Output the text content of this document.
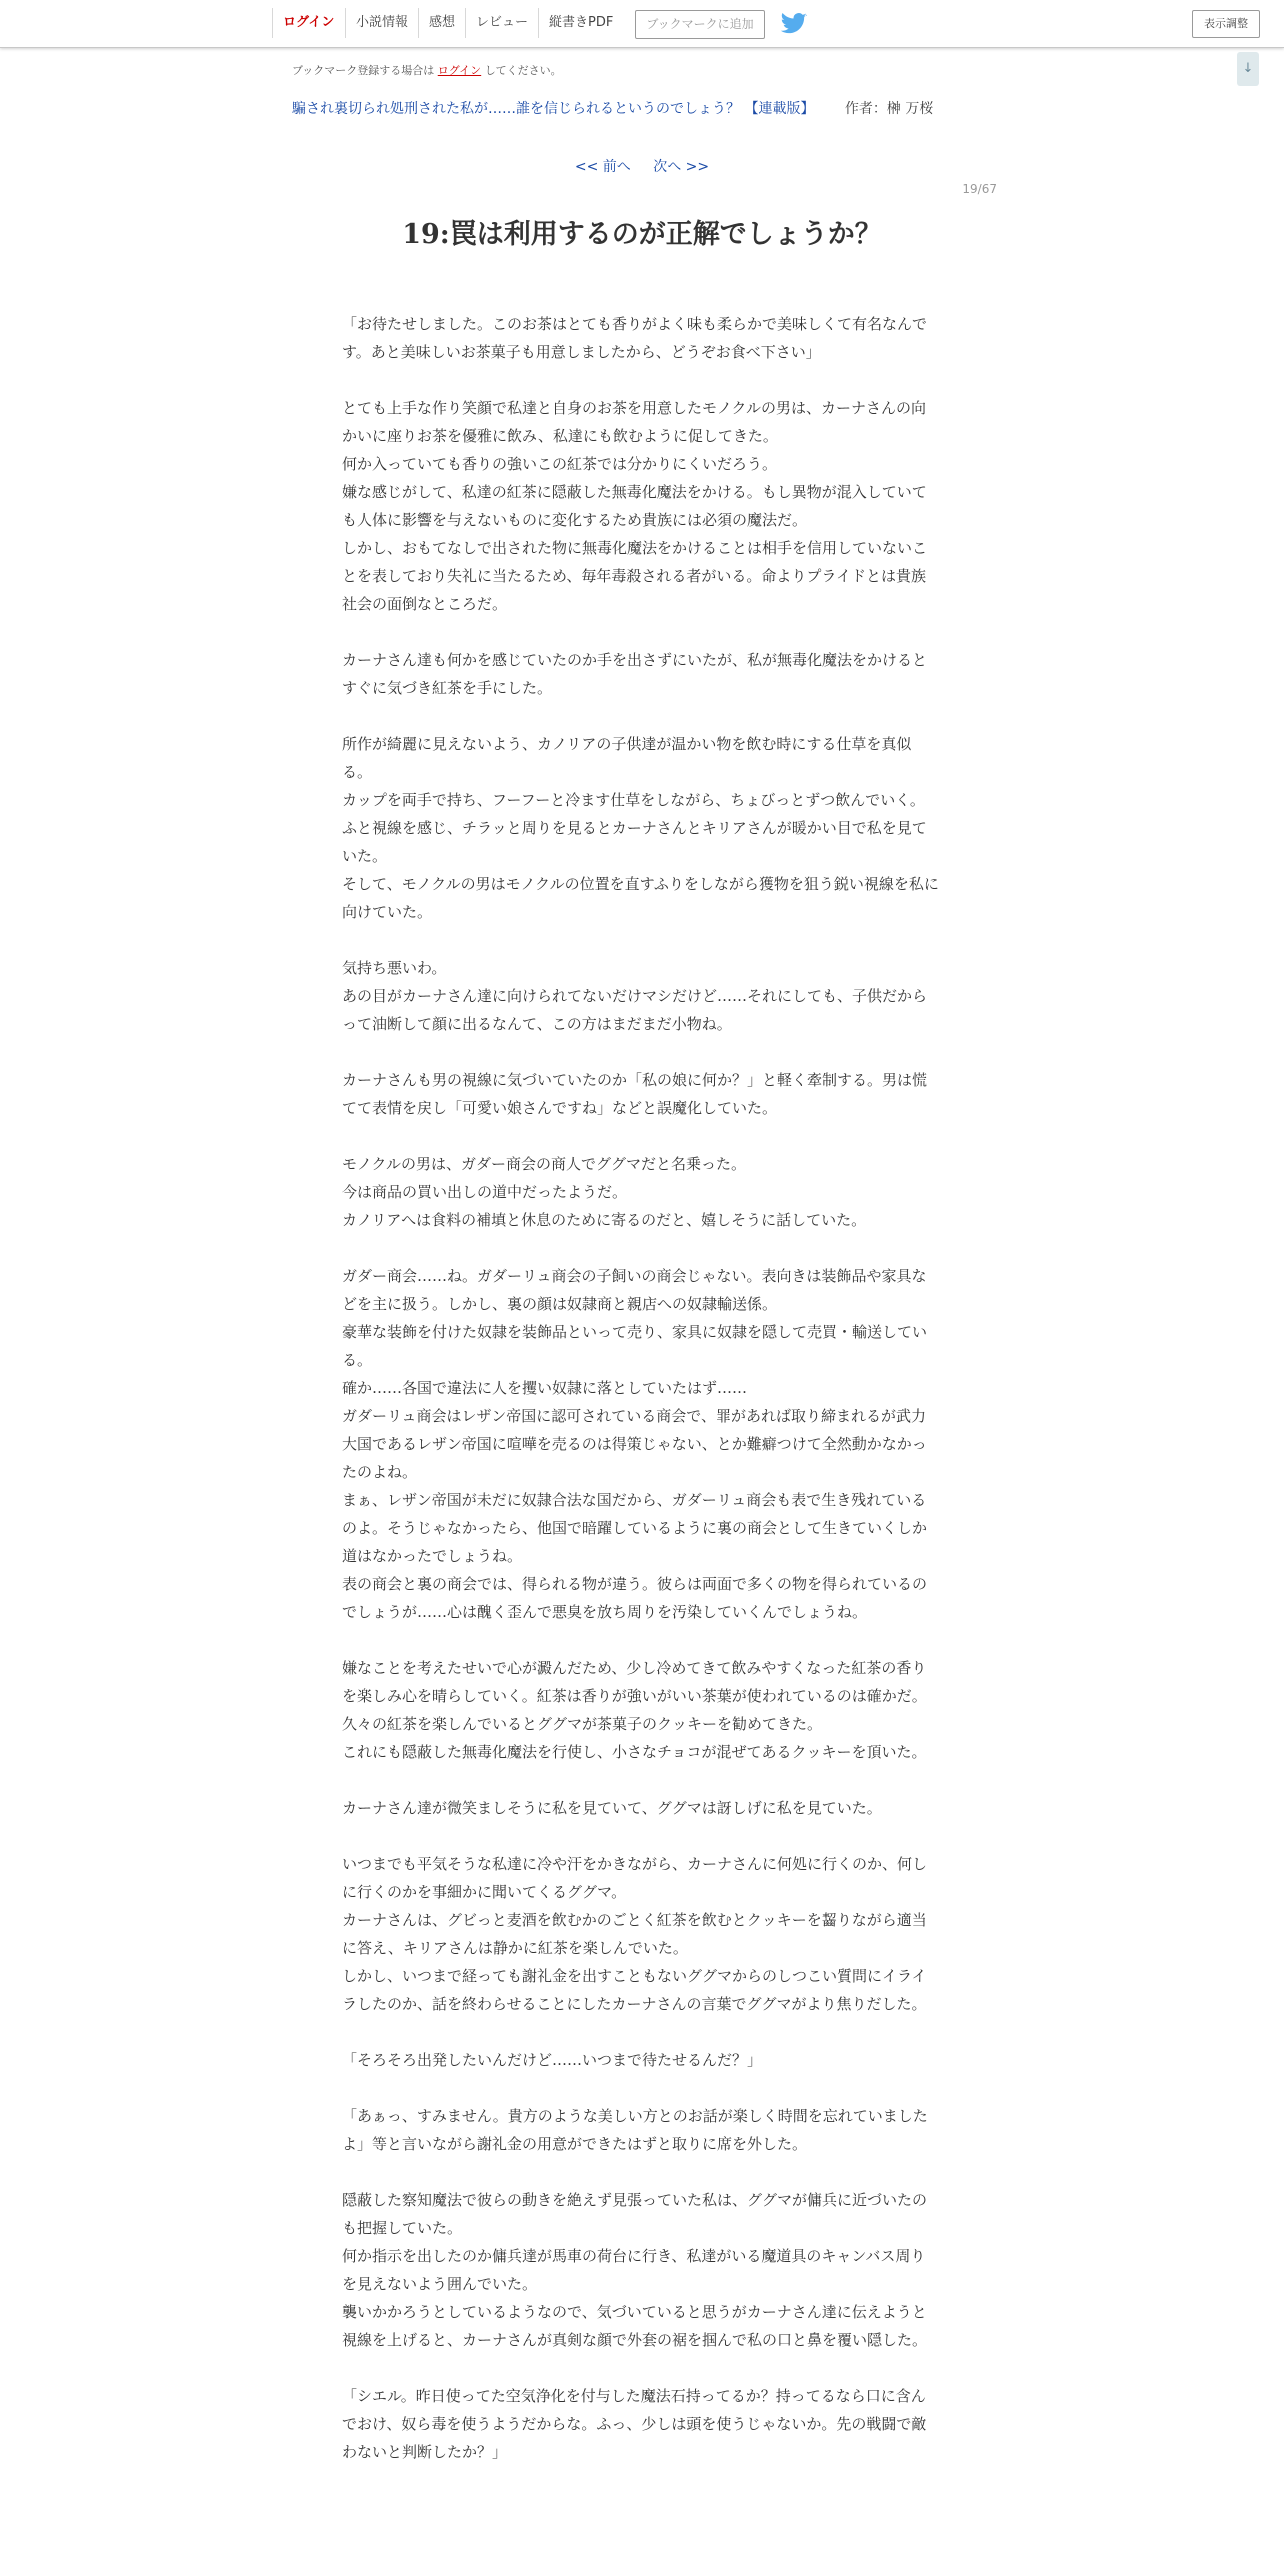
ログイン	小説情報	感想	レビュー	縦書きPDF	ブックマークに追加	表示調整
↓
ブックマーク登録する場合は ログイン してください。
騙され裏切られ処刑された私が……誰を信じられるというのでしょう？ 【連載版】 作者：榊 万桜
<< 前へ 次へ >>
19/67
19:罠は利用するのが正解でしょうか？
「お待たせしました。このお茶はとても香りがよく味も柔らかで美味しくて有名なんです。あと美味しいお茶菓子も用意しましたから、どうぞお食べ下さい」
とても上手な作り笑顔で私達と自身のお茶を用意したモノクルの男は、カーナさんの向かいに座りお茶を優雅に飲み、私達にも飲むように促してきた。
何か入っていても香りの強いこの紅茶では分かりにくいだろう。
嫌な感じがして、私達の紅茶に隠蔽した無毒化魔法をかける。もし異物が混入していても人体に影響を与えないものに変化するため貴族には必須の魔法だ。
しかし、おもてなしで出された物に無毒化魔法をかけることは相手を信用していないことを表しており失礼に当たるため、毎年毒殺される者がいる。命よりプライドとは貴族社会の面倒なところだ。
カーナさん達も何かを感じていたのか手を出さずにいたが、私が無毒化魔法をかけるとすぐに気づき紅茶を手にした。
所作が綺麗に見えないよう、カノリアの子供達が温かい物を飲む時にする仕草を真似る。
カップを両手で持ち、フーフーと冷ます仕草をしながら、ちょびっとずつ飲んでいく。
ふと視線を感じ、チラッと周りを見るとカーナさんとキリアさんが暖かい目で私を見ていた。
そして、モノクルの男はモノクルの位置を直すふりをしながら獲物を狙う鋭い視線を私に向けていた。
気持ち悪いわ。
あの目がカーナさん達に向けられてないだけマシだけど……それにしても、子供だからって油断して顔に出るなんて、この方はまだまだ小物ね。
カーナさんも男の視線に気づいていたのか「私の娘に何か？」と軽く牽制する。男は慌てて表情を戻し「可愛い娘さんですね」などと誤魔化していた。
モノクルの男は、ガダー商会の商人でググマだと名乗った。
今は商品の買い出しの道中だったようだ。
カノリアへは食料の補填と休息のために寄るのだと、嬉しそうに話していた。
ガダー商会……ね。ガダーリュ商会の子飼いの商会じゃない。表向きは装飾品や家具などを主に扱う。しかし、裏の顔は奴隷商と親店への奴隷輸送係。
豪華な装飾を付けた奴隷を装飾品といって売り、家具に奴隷を隠して売買・輸送している。
確か……各国で違法に人を攫い奴隷に落としていたはず……
ガダーリュ商会はレザン帝国に認可されている商会で、罪があれば取り締まれるが武力大国であるレザン帝国に喧嘩を売るのは得策じゃない、とか難癖つけて全然動かなかったのよね。
まぁ、レザン帝国が未だに奴隷合法な国だから、ガダーリュ商会も表で生き残れているのよ。そうじゃなかったら、他国で暗躍しているように裏の商会として生きていくしか道はなかったでしょうね。
表の商会と裏の商会では、得られる物が違う。彼らは両面で多くの物を得られているのでしょうが……心は醜く歪んで悪臭を放ち周りを汚染していくんでしょうね。
嫌なことを考えたせいで心が澱んだため、少し冷めてきて飲みやすくなった紅茶の香りを楽しみ心を晴らしていく。紅茶は香りが強いがいい茶葉が使われているのは確かだ。久々の紅茶を楽しんでいるとググマが茶菓子のクッキーを勧めてきた。
これにも隠蔽した無毒化魔法を行使し、小さなチョコが混ぜてあるクッキーを頂いた。
カーナさん達が微笑ましそうに私を見ていて、ググマは訝しげに私を見ていた。
いつまでも平気そうな私達に冷や汗をかきながら、カーナさんに何処に行くのか、何しに行くのかを事細かに聞いてくるググマ。
カーナさんは、グビっと麦酒を飲むかのごとく紅茶を飲むとクッキーを齧りながら適当に答え、キリアさんは静かに紅茶を楽しんでいた。
しかし、いつまで経っても謝礼金を出すこともないググマからのしつこい質問にイライラしたのか、話を終わらせることにしたカーナさんの言葉でググマがより焦りだした。
「そろそろ出発したいんだけど……いつまで待たせるんだ？」
「あぁっ、すみません。貴方のような美しい方とのお話が楽しく時間を忘れていましたよ」等と言いながら謝礼金の用意ができたはずと取りに席を外した。
隠蔽した察知魔法で彼らの動きを絶えず見張っていた私は、ググマが傭兵に近づいたのも把握していた。
何か指示を出したのか傭兵達が馬車の荷台に行き、私達がいる魔道具のキャンバス周りを見えないよう囲んでいた。
襲いかかろうとしているようなので、気づいていると思うがカーナさん達に伝えようと視線を上げると、カーナさんが真剣な顔で外套の裾を掴んで私の口と鼻を覆い隠した。
「シエル。昨日使ってた空気浄化を付与した魔法石持ってるか？持ってるなら口に含んでおけ、奴ら毒を使うようだからな。ふっ、少しは頭を使うじゃないか。先の戦闘で敵わないと判断したか？」
